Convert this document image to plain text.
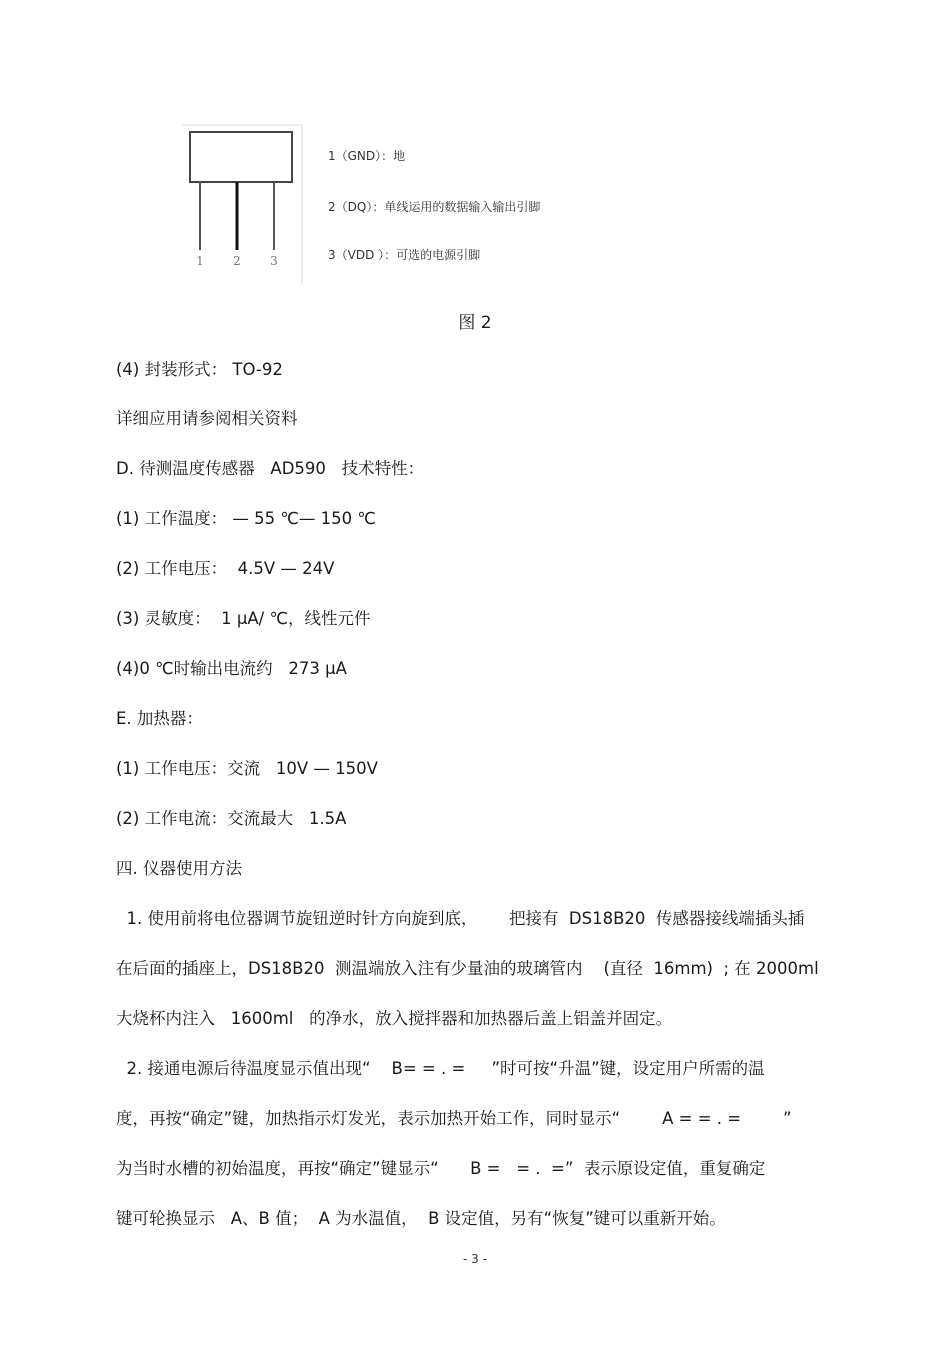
1 2 3
1（GND）：地
2（DQ）：单线运用的数据输入输出引脚
3（VDD ）：可选的电源引脚
图 2
(4) 封装形式： TO-92
详细应用请参阅相关资料
D. 待测温度传感器   AD590   技术特性：
(1) 工作温度： — 55 ℃— 150 ℃
(2) 工作电压：  4.5V — 24V
(3) 灵敏度：  1 μA/ ℃，线性元件
(4)0 ℃时输出电流约   273 μA
E. 加热器：
(1) 工作电压：交流   10V — 150V
(2) 工作电流：交流最大   1.5A
四. 仪器使用方法
1. 使用前将电位器调节旋钮逆时针方向旋到底，      把接有  DS18B20  传感器接线端插头插
在后面的插座上，DS18B20  测温端放入注有少量油的玻璃管内    (直径  16mm)  ; 在 2000ml
大烧杯内注入   1600ml   的净水，放入搅拌器和加热器后盖上铝盖并固定。
2. 接通电源后待温度显示值出现“    B= = . =     ”时可按“升温”键，设定用户所需的温
度，再按“确定”键，加热指示灯发光，表示加热开始工作，同时显示“        A = = . =        ”
为当时水槽的初始温度，再按“确定”键显示“      B =   = .  =”  表示原设定值，重复确定
键可轮换显示   A、B 值；  A 为水温值，  B 设定值，另有“恢复”键可以重新开始。
- 3 -
